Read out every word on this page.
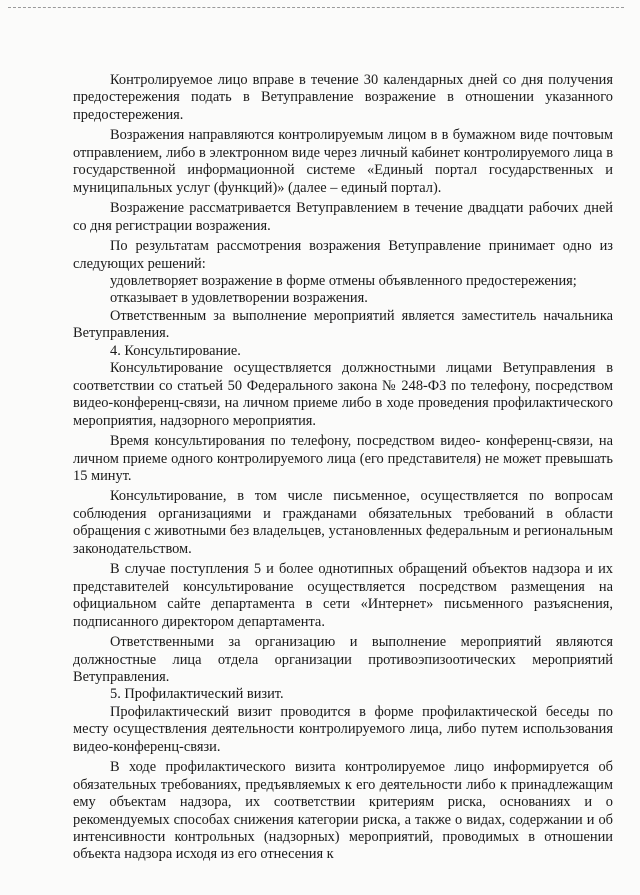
Контролируемое лицо вправе в течение 30 календарных дней со дня получения предостережения подать в Ветуправление возражение в отношении указанного предостережения.

Возражения направляются контролируемым лицом в в бумажном виде почтовым отправлением, либо в электронном виде через личный кабинет контролируемого лица в государственной информационной системе «Единый портал государственных и муниципальных услуг (функций)» (далее – единый портал).

Возражение рассматривается Ветуправлением в течение двадцати рабочих дней со дня регистрации возражения.

По результатам рассмотрения возражения Ветуправление принимает одно из следующих решений:

удовлетворяет возражение в форме отмены объявленного предостережения;

отказывает в удовлетворении возражения.

Ответственным за выполнение мероприятий является заместитель начальника Ветуправления.

4. Консультирование.

Консультирование осуществляется должностными лицами Ветуправления в соответствии со статьей 50 Федерального закона № 248-ФЗ по телефону, посредством видео-конференц-связи, на личном приеме либо в ходе проведения профилактического мероприятия, надзорного мероприятия.

Время консультирования по телефону, посредством видео- конференц-связи, на личном приеме одного контролируемого лица (его представителя) не может превышать 15 минут.

Консультирование, в том числе письменное, осуществляется по вопросам соблюдения организациями и гражданами обязательных требований в области обращения с животными без владельцев, установленных федеральным и региональным законодательством.

В случае поступления 5 и более однотипных обращений объектов надзора и их представителей консультирование осуществляется посредством размещения на официальном сайте департамента в сети «Интернет» письменного разъяснения, подписанного директором департамента.

Ответственными за организацию и выполнение мероприятий являются должностные лица отдела организации противоэпизоотических мероприятий Ветуправления.

5. Профилактический визит.

Профилактический визит проводится в форме профилактической беседы по месту осуществления деятельности контролируемого лица, либо путем использования видео-конференц-связи.

В ходе профилактического визита контролируемое лицо информируется об обязательных требованиях, предъявляемых к его деятельности либо к принадлежащим ему объектам надзора, их соответствии критериям риска, основаниях и о рекомендуемых способах снижения категории риска, а также о видах, содержании и об интенсивности контрольных (надзорных) мероприятий, проводимых в отношении объекта надзора исходя из его отнесения к
